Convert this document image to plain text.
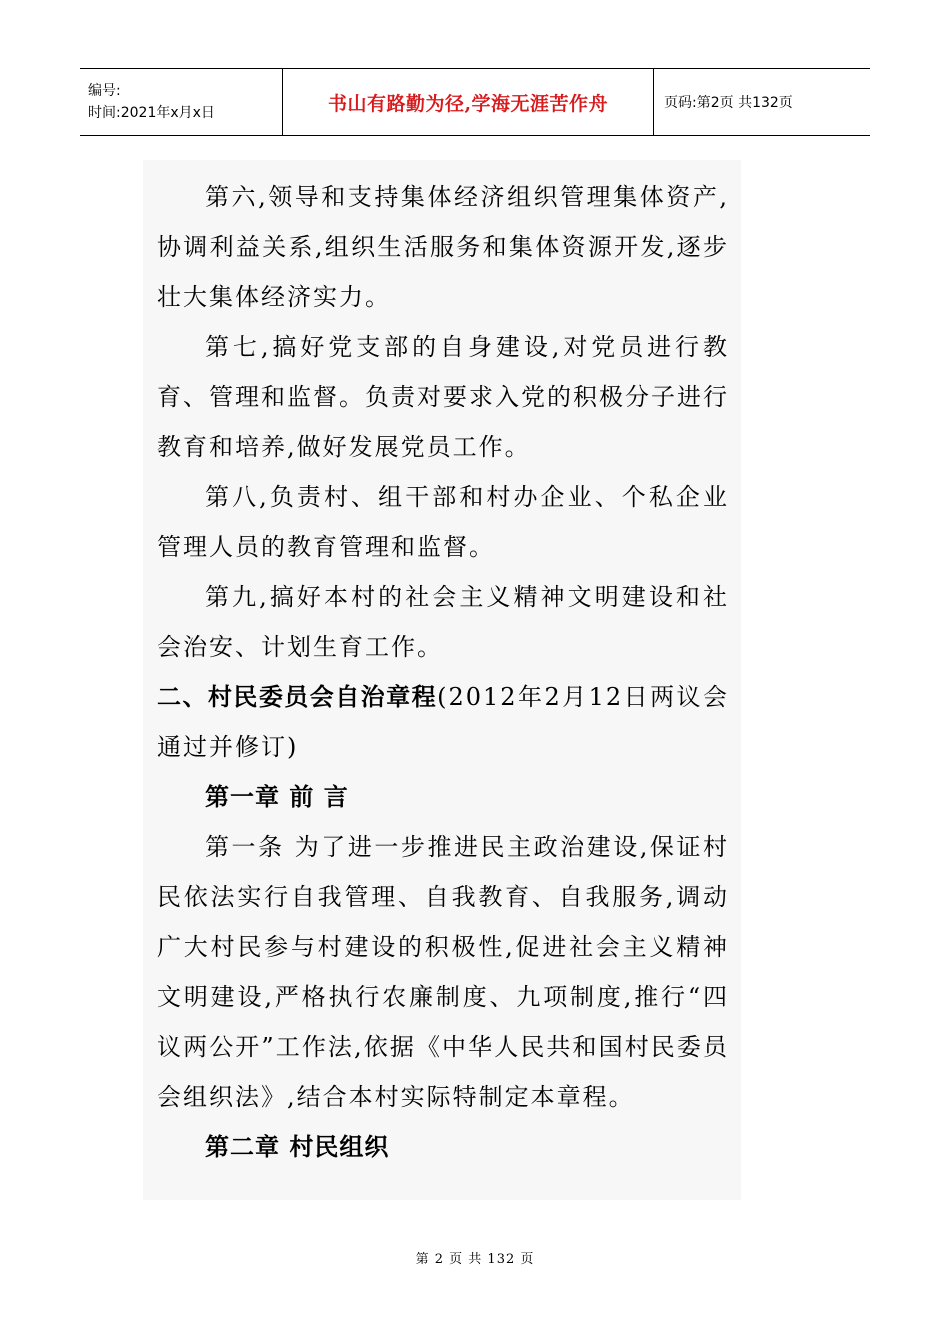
编号:
时间:2021年x月x日	书山有路勤为径,学海无涯苦作舟	页码:第2页 共132页

第六,领导和支持集体经济组织管理集体资产,协调利益关系,组织生活服务和集体资源开发,逐步壮大集体经济实力。

第七,搞好党支部的自身建设,对党员进行教育、管理和监督。负责对要求入党的积极分子进行教育和培养,做好发展党员工作。

第八,负责村、组干部和村办企业、个私企业管理人员的教育管理和监督。

第九,搞好本村的社会主义精神文明建设和社会治安、计划生育工作。

二、村民委员会自治章程(2012年2月12日两议会通过并修订)

第一章 前 言

第一条 为了进一步推进民主政治建设,保证村民依法实行自我管理、自我教育、自我服务,调动广大村民参与村建设的积极性,促进社会主义精神文明建设,严格执行农廉制度、九项制度,推行“四议两公开”工作法,依据《中华人民共和国村民委员会组织法》,结合本村实际特制定本章程。

第二章 村民组织

第 2 页 共 132 页
